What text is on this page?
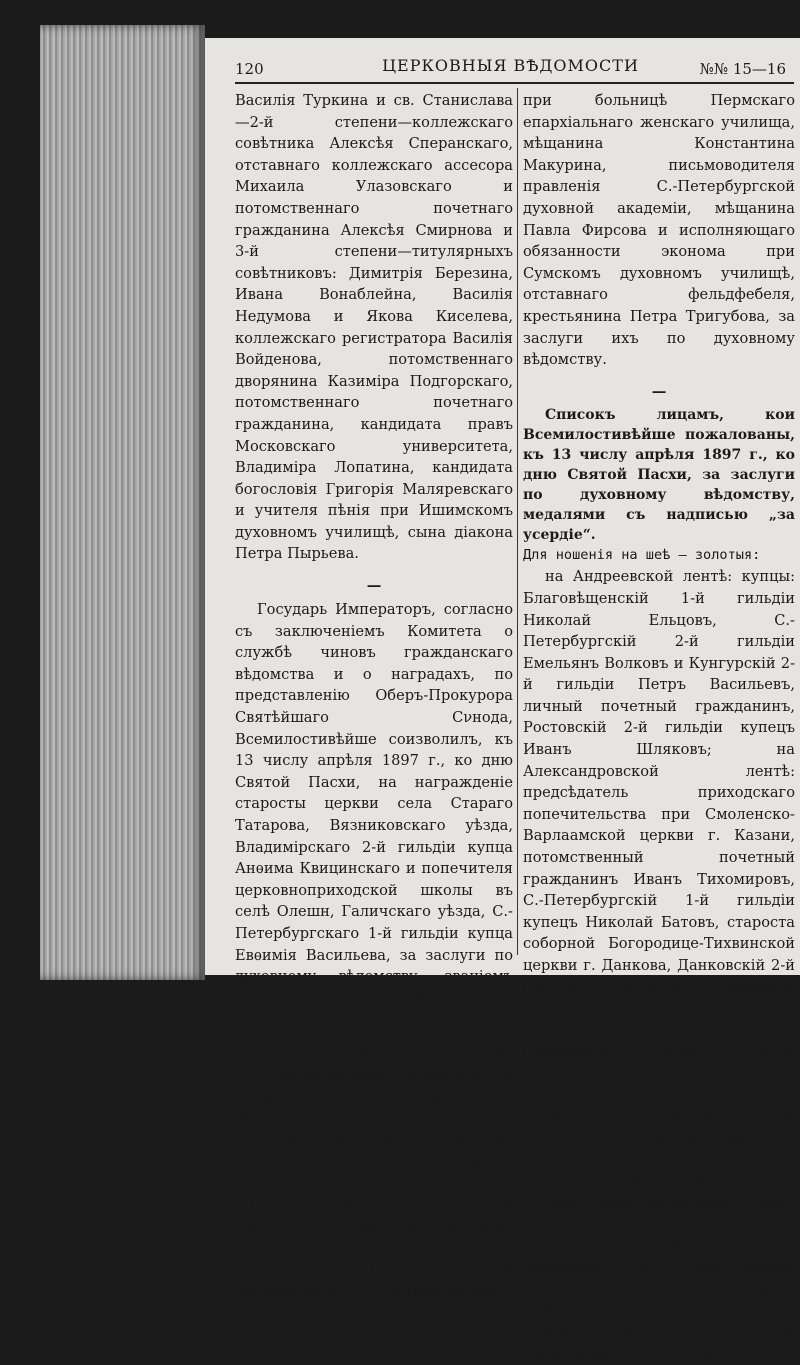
120	ЦЕРКОВНЫЯ ВѢДОМОСТИ	№№ 15—16

Василія Туркина и св. Станислава—2-й степени—коллежскаго совѣтника Алексѣя Сперанскаго, отставнаго коллежскаго ассесора Михаила Улазовскаго и потомственнаго почетнаго гражданина Алексѣя Смирнова и 3-й степени—титулярныхъ совѣтниковъ: Димитрія Березина, Ивана Вонаблейна, Василія Недумова и Якова Киселева, коллежскаго регистратора Василія Войденова, потомственнаго дворянина Казиміра Подгорскаго, потомственнаго почетнаго гражданина, кандидата правъ Московскаго университета, Владиміра Лопатина, кандидата богословія Григорія Маляревскаго и учителя пѣнія при Ишимскомъ духовномъ училищѣ, сына діакона Петра Пырьева.

—

Государь Императоръ, согласно съ заключеніемъ Комитета о службѣ чиновъ гражданскаго вѣдомства и о наградахъ, по представленію Оберъ-Прокурора Святѣйшаго Сνнода, Всемилостивѣйше соизволилъ, къ 13 числу апрѣля 1897 г., ко дню Святой Пасхи, на награжденіе старосты церкви села Стараго Татарова, Вязниковскаго уѣзда, Владимірскаго 2-й гильдіи купца Анѳима Квицинскаго и попечителя церковноприходской школы въ селѣ Олешн, Галичскаго уѣзда, С.-Петербургскаго 1-й гильдіи купца Евѳимія Васильева, за заслуги по духовному вѣдомству, званіемъ личнаго почетнаго гражданина.

—

Государь Императоръ, согласно съ заключеніемъ Комитета о службѣ чиновъ гражданскаго вѣдомства и о наградахъ, по представленію Оберъ-Прокурора Святѣйшаго Сνнода, Всемилостивѣйше соизволилъ, къ 13 апрѣля 1897 г., ко дню Святой Пасхи, на награжденіе званіемъ личнаго почетнаго гражданина: курьера при Канцеляріи митрополита С.-Петербургскаго, мѣщанина Павла Абрамова, фельдшера

при больницѣ Пермскаго епархіальнаго женскаго училища, мѣщанина Константина Макурина, письмоводителя правленія С.-Петербургской духовной академіи, мѣщанина Павла Фирсова и исполняющаго обязанности эконома при Сумскомъ духовномъ училищѣ, отставнаго фельдфебеля, крестьянина Петра Тригубова, за заслуги ихъ по духовному вѣдомству.

—

Списокъ лицамъ, кои Всемилостивѣйше пожалованы, къ 13 числу апрѣля 1897 г., ко дню Святой Пасхи, за заслуги по духовному вѣдомству, медалями съ надписью „за усердіе“.

Для ношенія на шеѣ — золотыя:

на Андреевской лентѣ: купцы: Благовѣщенскій 1-й гильдіи Николай Ельцовъ, С.-Петербургскій 2-й гильдіи Емельянъ Волковъ и Кунгурскій 2-й гильдіи Петръ Васильевъ, личный почетный гражданинъ, Ростовскій 2-й гильдіи купецъ Иванъ Шляковъ; на Александровской лентѣ: предсѣдатель приходскаго попечительства при Смоленско-Варлаамской церкви г. Казани, потомственный почетный гражданинъ Иванъ Тихомировъ, С.-Петербургскій 1-й гильдіи купецъ Николай Батовъ, староста соборной Богородице-Тихвинской церкви г. Данкова, Данковскій 2-й гильдіи купецъ Михаилъ Лебедевъ; на Владимірской лентѣ: крестьянинъ Прилуцкаго прихода, Онежскаго уѣзда, Петръ Лазаревъ; старосты церквей: Кіево-Печерской Ольгинской, Кіевскій 2-й гильдіи купецъ Степанъ Порохняковъ, Ивинской, Петрозаводскаго уѣзда, Петрозаводскій 2-й гильдіи купецъ Иванъ Фершуковъ, Свято-Троицкой г. Оренбурга, 1-й гильдіи купеческій сынъ Иванъ Зарывновъ и Николаевской посадской бывшаго города Добраго, Лебедянскаго уѣзда, потомственный почетный гражданинъ Александръ
